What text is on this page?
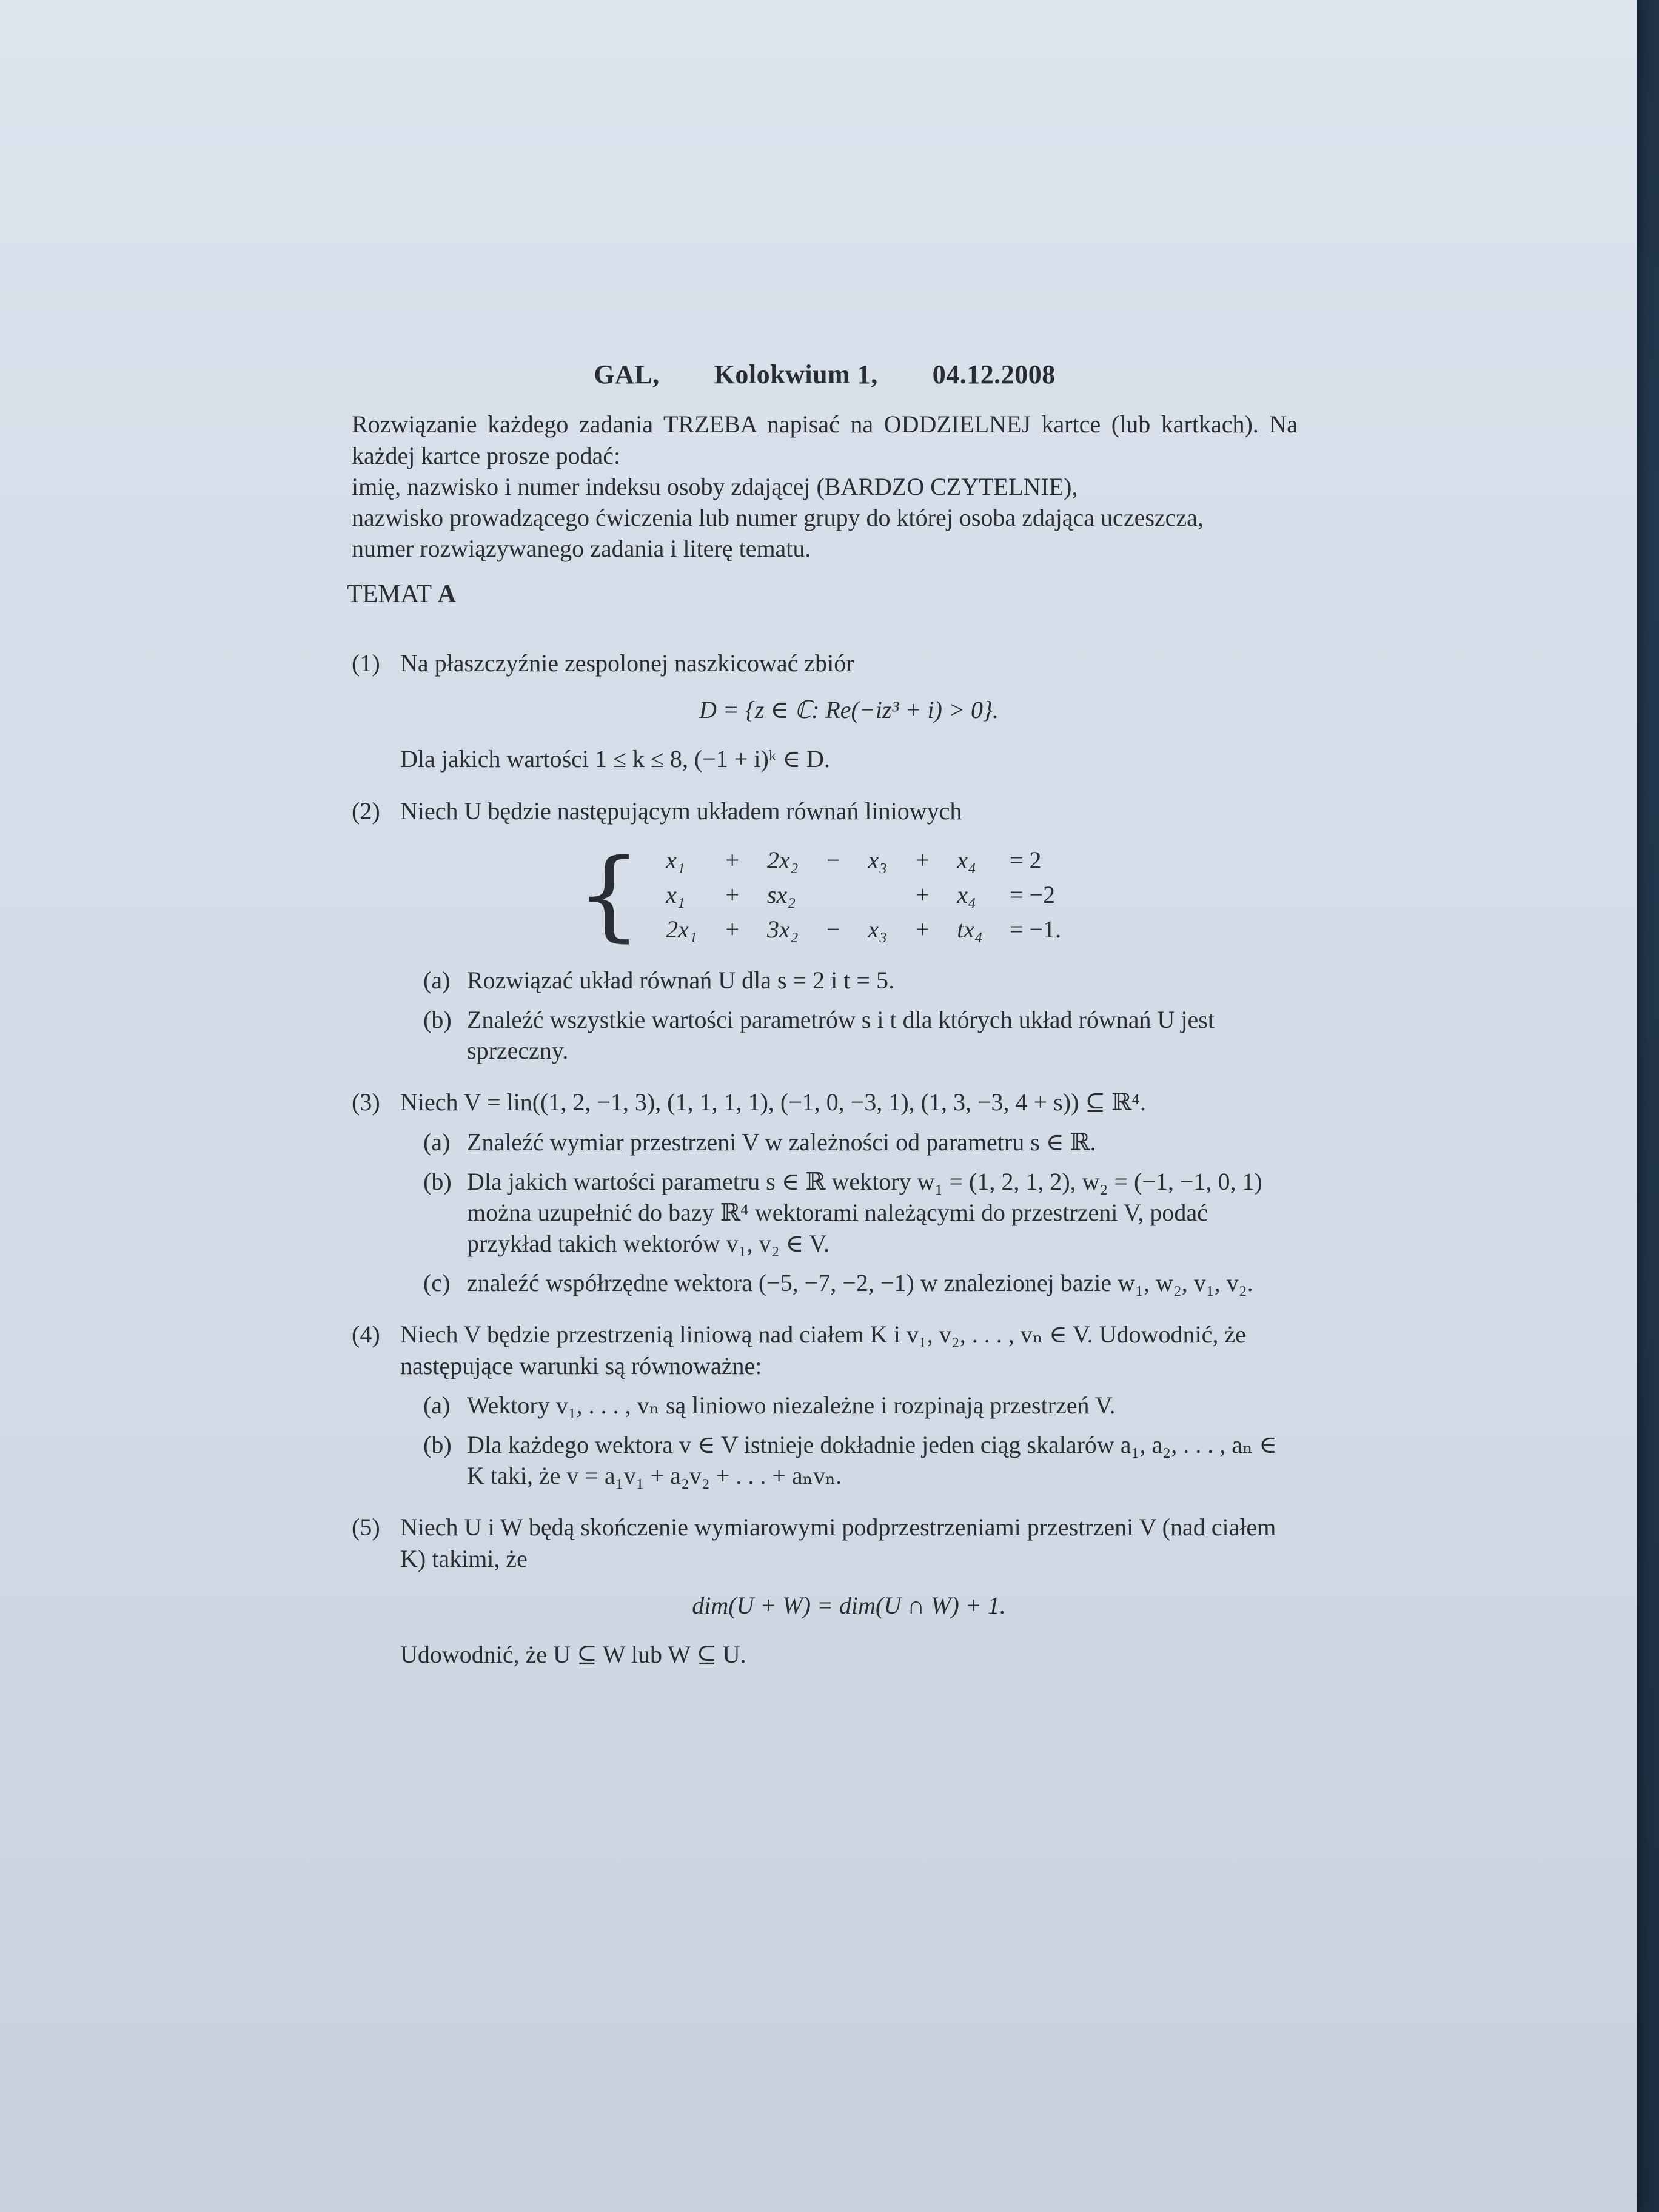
GAL, Kolokwium 1, 04.12.2008
Rozwiązanie każdego zadania TRZEBA napisać na ODDZIELNEJ kartce (lub kartkach). Na każdej kartce prosze podać:
imię, nazwisko i numer indeksu osoby zdającej (BARDZO CZYTELNIE),
nazwisko prowadzącego ćwiczenia lub numer grupy do której osoba zdająca uczeszcza,
numer rozwiązywanego zadania i literę tematu.
TEMAT A
(1) Na płaszczyźnie zespolonej naszkicować zbiór
D = {z ∈ ℂ: Re(−iz³ + i) > 0}.
Dla jakich wartości 1 ≤ k ≤ 8, (−1 + i)ᵏ ∈ D.
(2) Niech U będzie następującym układem równań liniowych
{ x₁	+	2x₂	−	x₃	+	x₄	= 2
x₁	+	sx₂			+	x₄	= −2
2x₁	+	3x₂	−	x₃	+	tx₄	= −1.
(a) Rozwiązać układ równań U dla s = 2 i t = 5.
(b) Znaleźć wszystkie wartości parametrów s i t dla których układ równań U jest sprzeczny.
(3) Niech V = lin((1, 2, −1, 3), (1, 1, 1, 1), (−1, 0, −3, 1), (1, 3, −3, 4 + s)) ⊆ ℝ⁴.
(a) Znaleźć wymiar przestrzeni V w zależności od parametru s ∈ ℝ.
(b) Dla jakich wartości parametru s ∈ ℝ wektory w₁ = (1, 2, 1, 2), w₂ = (−1, −1, 0, 1) można uzupełnić do bazy ℝ⁴ wektorami należącymi do przestrzeni V, podać przykład takich wektorów v₁, v₂ ∈ V.
(c) znaleźć współrzędne wektora (−5, −7, −2, −1) w znalezionej bazie w₁, w₂, v₁, v₂.
(4) Niech V będzie przestrzenią liniową nad ciałem K i v₁, v₂, . . . , vₙ ∈ V. Udowodnić, że następujące warunki są równoważne:
(a) Wektory v₁, . . . , vₙ są liniowo niezależne i rozpinają przestrzeń V.
(b) Dla każdego wektora v ∈ V istnieje dokładnie jeden ciąg skalarów a₁, a₂, . . . , aₙ ∈ K taki, że v = a₁v₁ + a₂v₂ + . . . + aₙvₙ.
(5) Niech U i W będą skończenie wymiarowymi podprzestrzeniami przestrzeni V (nad ciałem K) takimi, że
dim(U + W) = dim(U ∩ W) + 1.
Udowodnić, że U ⊆ W lub W ⊆ U.
